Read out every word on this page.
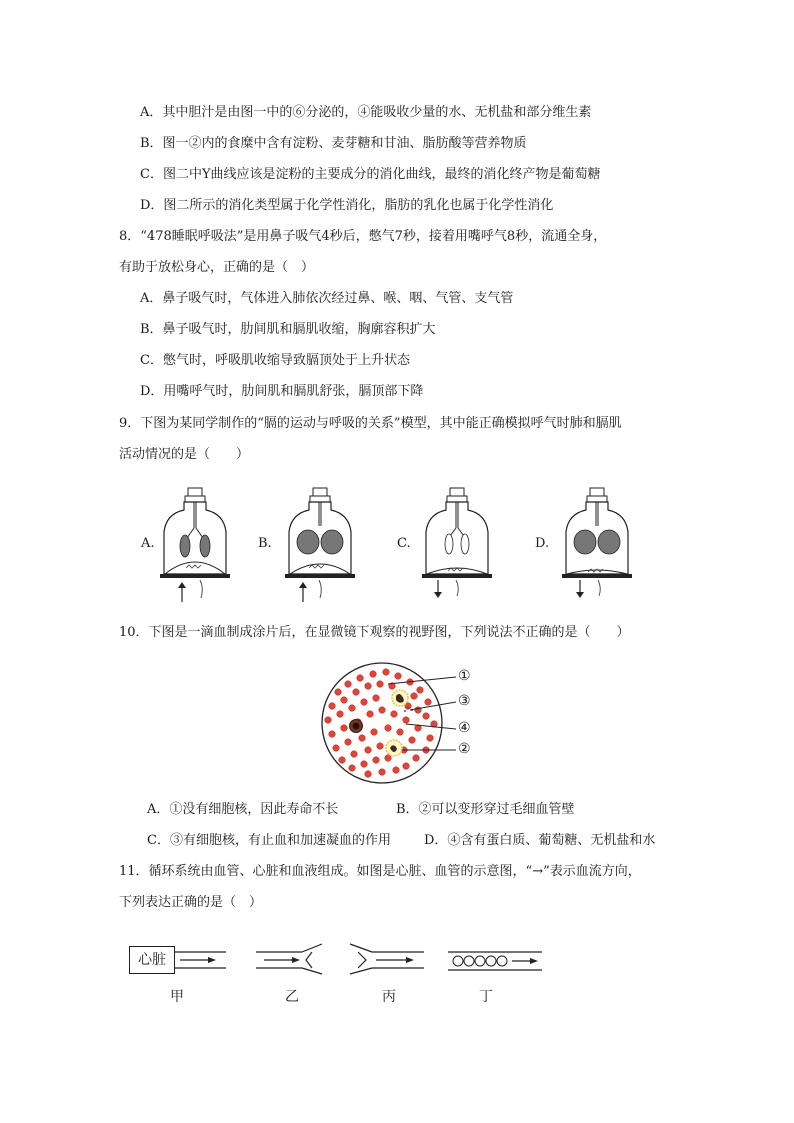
A．其中胆汁是由图一中的⑥分泌的，④能吸收少量的水、无机盐和部分维生素
B．图一②内的食糜中含有淀粉、麦芽糖和甘油、脂肪酸等营养物质
C．图二中Y曲线应该是淀粉的主要成分的消化曲线，最终的消化终产物是葡萄糖
D．图二所示的消化类型属于化学性消化，脂肪的乳化也属于化学性消化
8．“478睡眠呼吸法”是用鼻子吸气4秒后，憋气7秒，接着用嘴呼气8秒，流通全身，
有助于放松身心，正确的是（　）
A．鼻子吸气时，气体进入肺依次经过鼻、喉、咽、气管、支气管
B．鼻子吸气时，肋间肌和膈肌收缩，胸廓容积扩大
C．憋气时，呼吸肌收缩导致膈顶处于上升状态
D．用嘴呼气时，肋间肌和膈肌舒张，膈顶部下降
9．下图为某同学制作的“膈的运动与呼吸的关系”模型，其中能正确模拟呼气时肺和膈肌
活动情况的是（　　）
A.	B.	C.	D.
10．下图是一滴血制成涂片后，在显微镜下观察的视野图，下列说法不正确的是（　　）
①
③
④
②
A．①没有细胞核，因此寿命不长	B．②可以变形穿过毛细血管壁
C．③有细胞核，有止血和加速凝血的作用	D．④含有蛋白质、葡萄糖、无机盐和水
11．循环系统由血管、心脏和血液组成。如图是心脏、血管的示意图，“→”表示血流方向，
下列表达正确的是（　）
心脏
甲	乙	丙	丁
